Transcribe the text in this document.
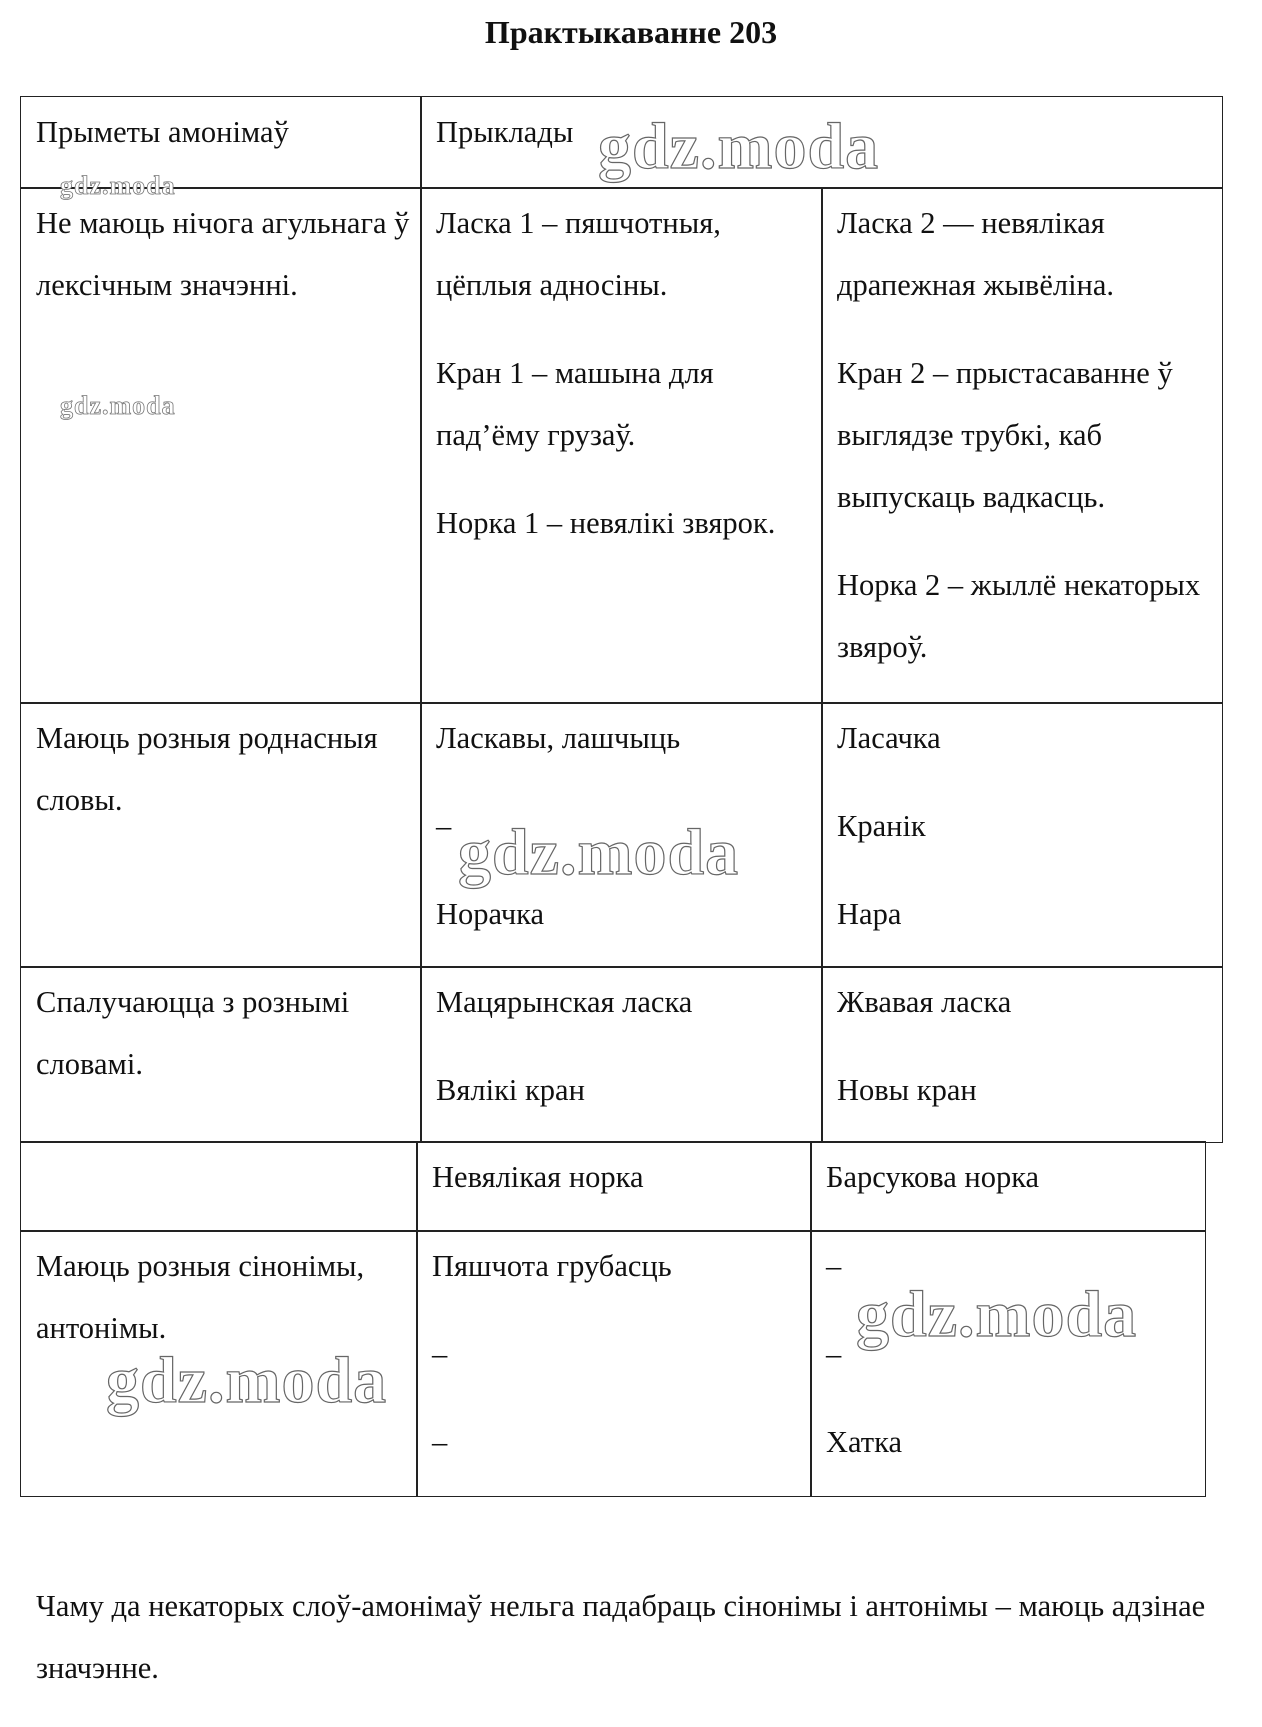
Практыкаванне 203

Прыметы амонімаў	Прыклады

Не маюць нічога агульнага ў лексічным значэнні.

Ласка 1 – пяшчотныя, цёплыя адносіны.

Кран 1 – машына для пад’ёму грузаў.

Норка 1 – невялікі звярок.

Ласка 2 — невялікая драпежная жывёліна.

Кран 2 – прыстасаванне ў выглядзе трубкі, каб выпускаць вадкасць.

Норка 2 – жыллё некаторых звяроў.

Маюць розныя роднасныя словы.

Ласкавы, лашчыць

–

Норачка

Ласачка

Кранік

Нара

Спалучаюцца з рознымі словамі.

Мацярынская ласка

Вялікі кран

Жвавая ласка

Новы кран

Невялікая норка	Барсукова норка

Маюць розныя сінонімы, антонімы.

Пяшчота грубасць

–

–

–

–

Хатка

Чаму да некаторых слоў-амонімаў нельга падабраць сінонімы і антонімы – маюць адзінае значэнне.
gdz.moda
gdz.moda
gdz.moda
gdz.moda
gdz.moda
gdz.moda
